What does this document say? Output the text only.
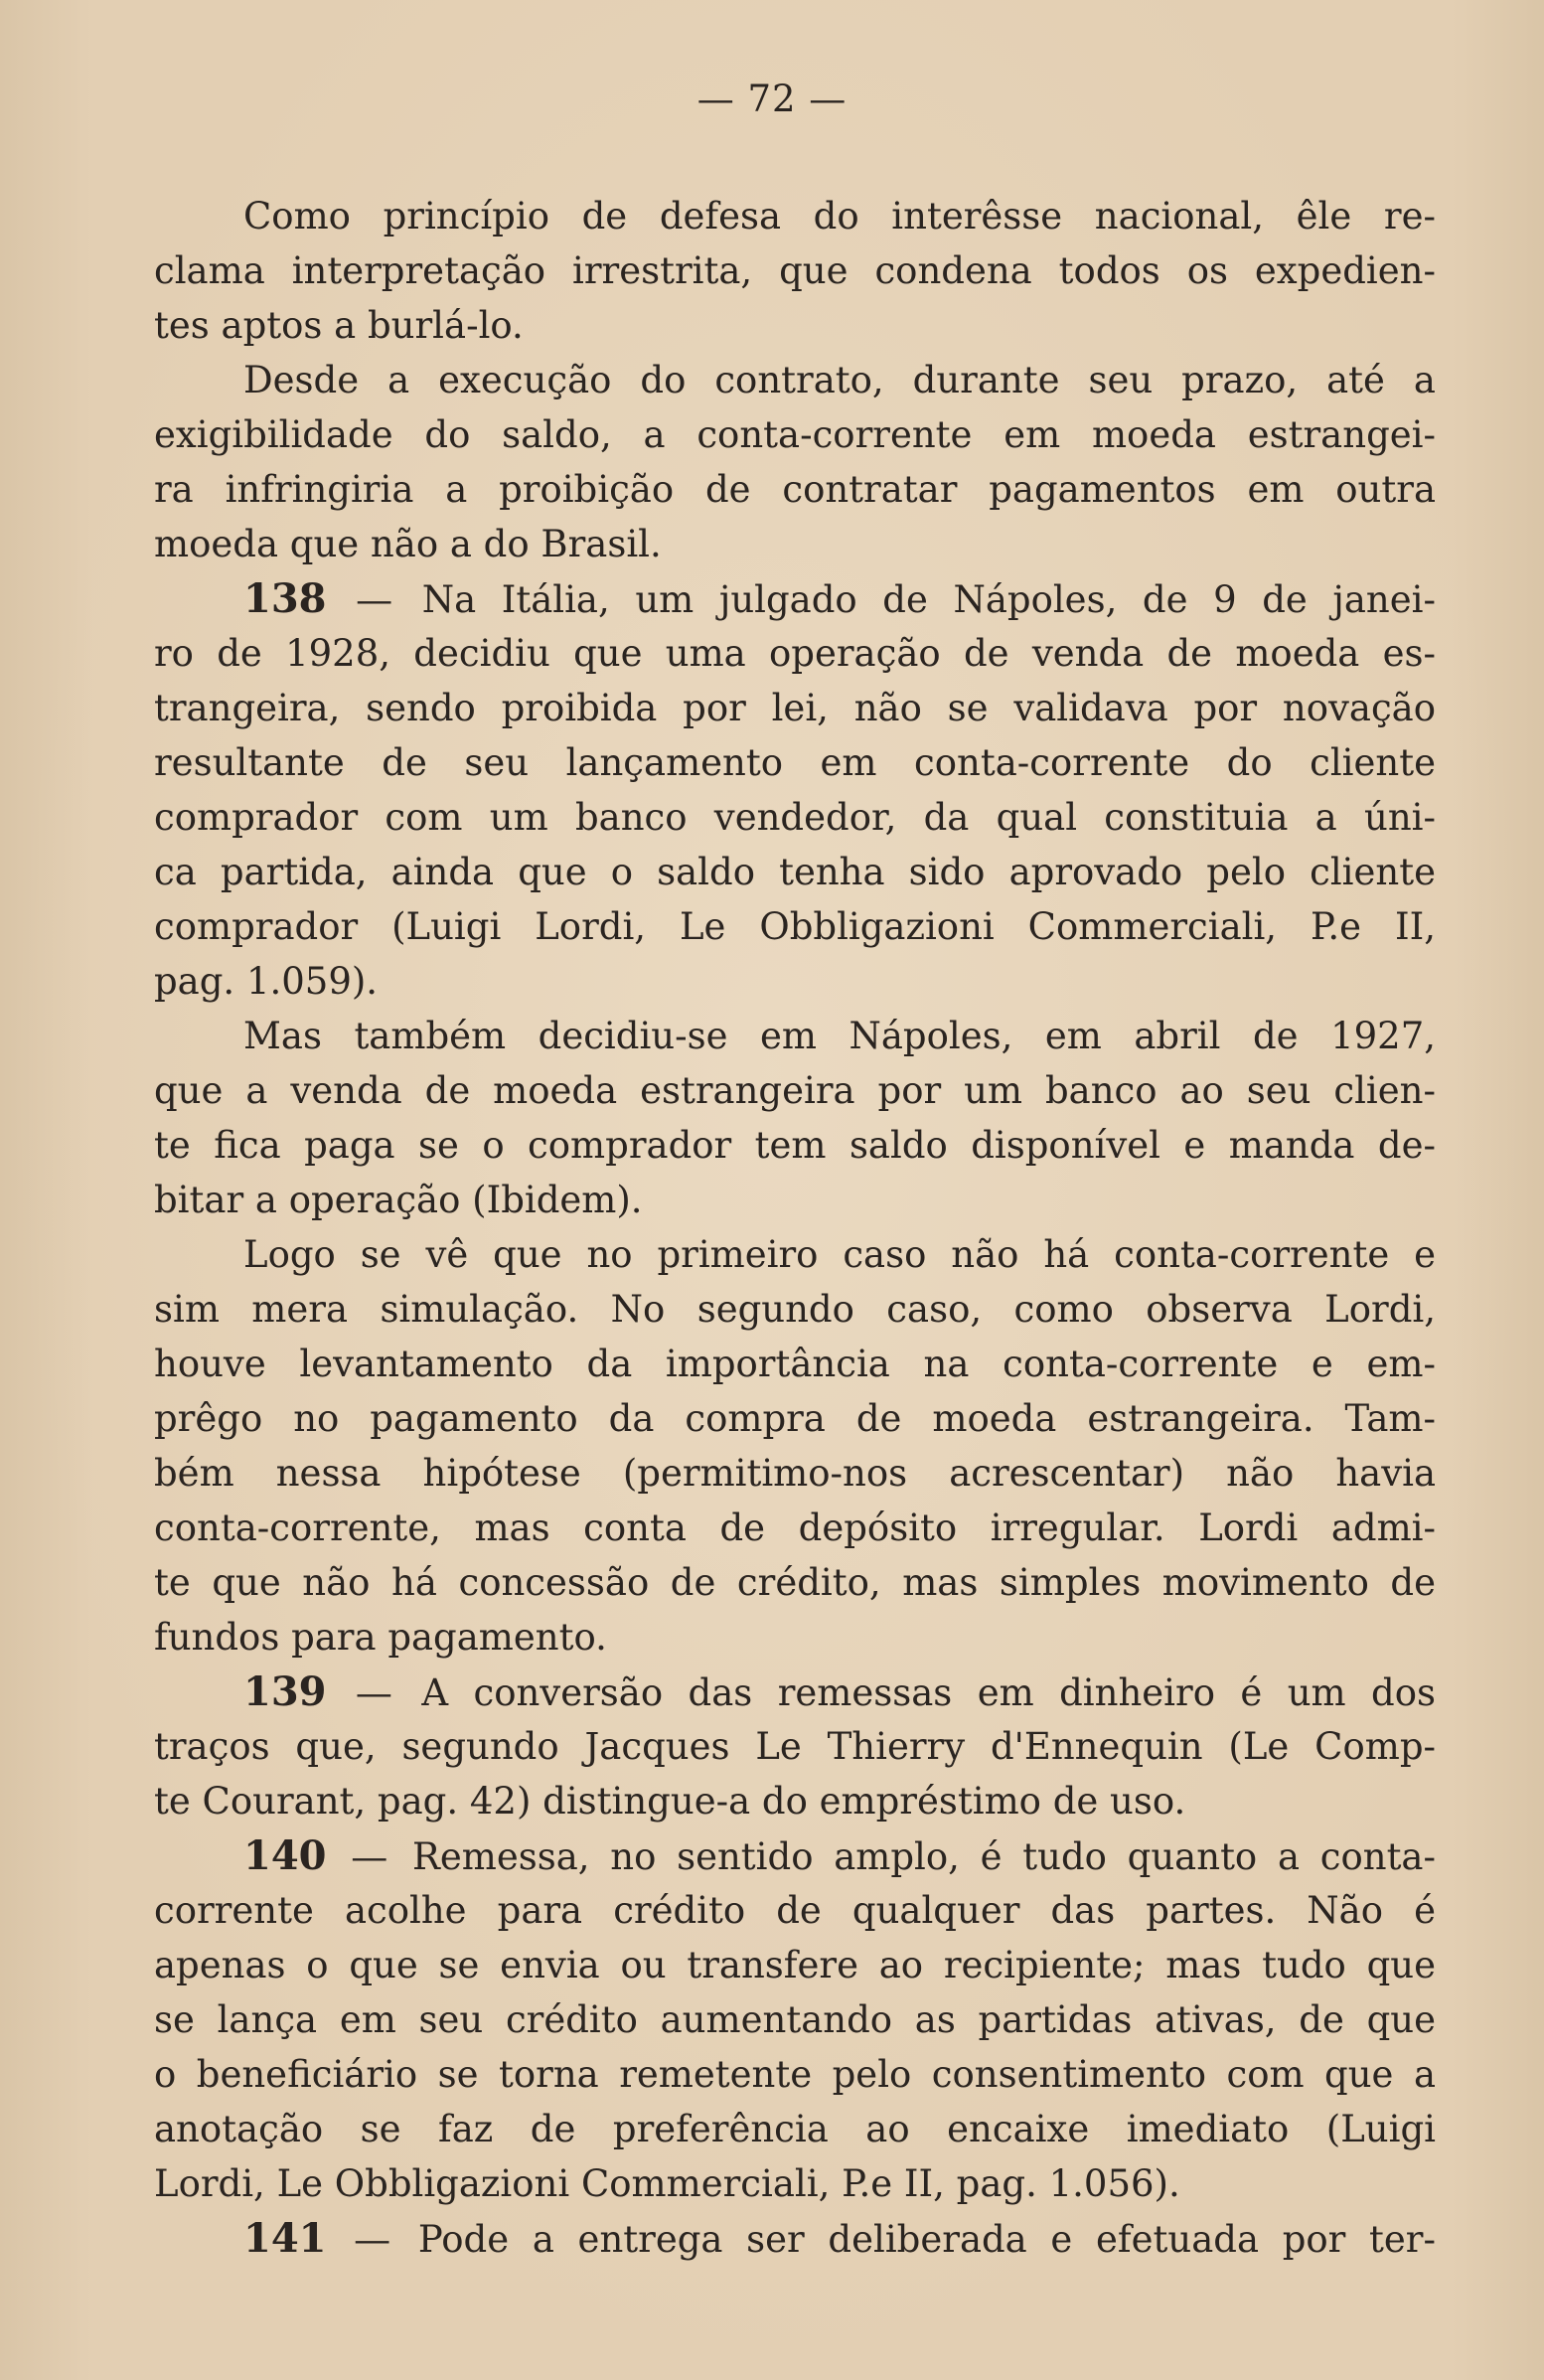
— 72 —
Como princípio de defesa do interêsse nacional, êle re-
clama interpretação irrestrita, que condena todos os expedien-
tes aptos a burlá-lo.
Desde a execução do contrato, durante seu prazo, até a
exigibilidade do saldo, a conta-corrente em moeda estrangei-
ra infringiria a proibição de contratar pagamentos em outra
moeda que não a do Brasil.
138 — Na Itália, um julgado de Nápoles, de 9 de janei-
ro de 1928, decidiu que uma operação de venda de moeda es-
trangeira, sendo proibida por lei, não se validava por novação
resultante de seu lançamento em conta-corrente do cliente
comprador com um banco vendedor, da qual constituia a úni-
ca partida, ainda que o saldo tenha sido aprovado pelo cliente
comprador (Luigi Lordi, Le Obbligazioni Commerciali, P.e II,
pag. 1.059).
Mas também decidiu-se em Nápoles, em abril de 1927,
que a venda de moeda estrangeira por um banco ao seu clien-
te fica paga se o comprador tem saldo disponível e manda de-
bitar a operação (Ibidem).
Logo se vê que no primeiro caso não há conta-corrente e
sim mera simulação. No segundo caso, como observa Lordi,
houve levantamento da importância na conta-corrente e em-
prêgo no pagamento da compra de moeda estrangeira. Tam-
bém nessa hipótese (permitimo-nos acrescentar) não havia
conta-corrente, mas conta de depósito irregular. Lordi admi-
te que não há concessão de crédito, mas simples movimento de
fundos para pagamento.
139 — A conversão das remessas em dinheiro é um dos
traços que, segundo Jacques Le Thierry d'Ennequin (Le Comp-
te Courant, pag. 42) distingue-a do empréstimo de uso.
140 — Remessa, no sentido amplo, é tudo quanto a conta-
corrente acolhe para crédito de qualquer das partes. Não é
apenas o que se envia ou transfere ao recipiente; mas tudo que
se lança em seu crédito aumentando as partidas ativas, de que
o beneficiário se torna remetente pelo consentimento com que a
anotação se faz de preferência ao encaixe imediato (Luigi
Lordi, Le Obbligazioni Commerciali, P.e II, pag. 1.056).
141 — Pode a entrega ser deliberada e efetuada por ter-
